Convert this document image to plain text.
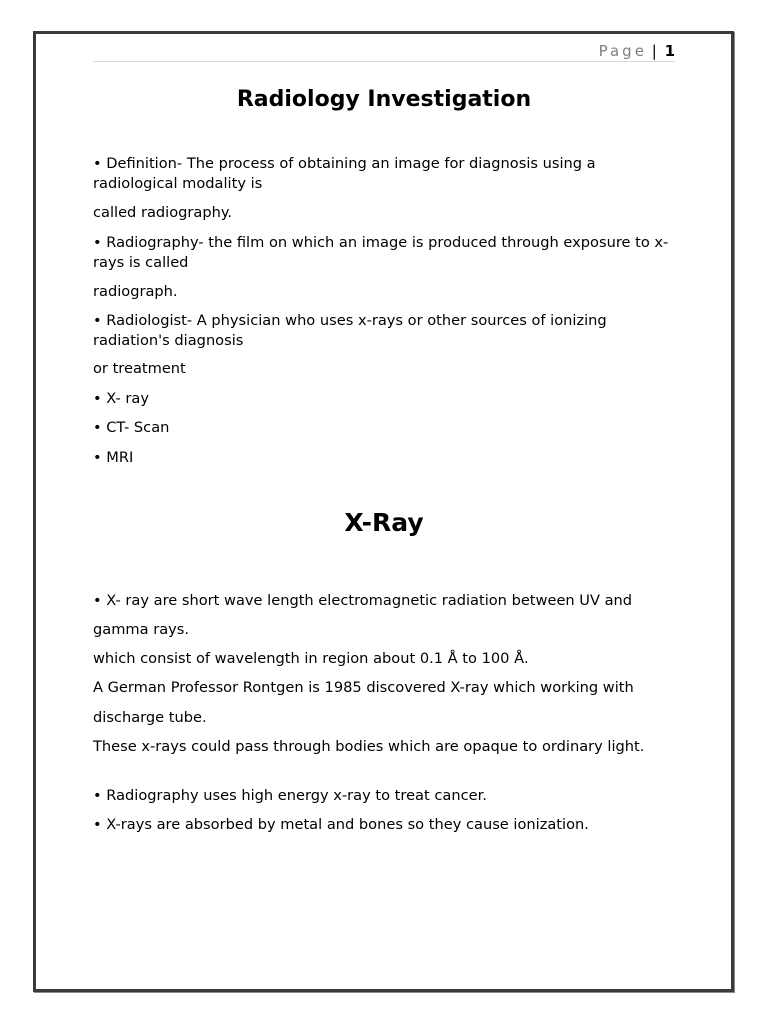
Page | 1
Radiology Investigation

• Definition- The process of obtaining an image for diagnosis using a radiological modality is

called radiography.

• Radiography- the film on which an image is produced through exposure to x-rays is called

radiograph.

• Radiologist- A physician who uses x-rays or other sources of ionizing radiation's diagnosis

or treatment

• X- ray

• CT- Scan

• MRI

X-Ray

• X- ray are short wave length electromagnetic radiation between UV and

gamma rays.

which consist of wavelength in region about 0.1 Å to 100 Å.

A German Professor Rontgen is 1985 discovered X-ray which working with

discharge tube.

These x-rays could pass through bodies which are opaque to ordinary light.

• Radiography uses high energy x-ray to treat cancer.

• X-rays are absorbed by metal and bones so they cause ionization.
